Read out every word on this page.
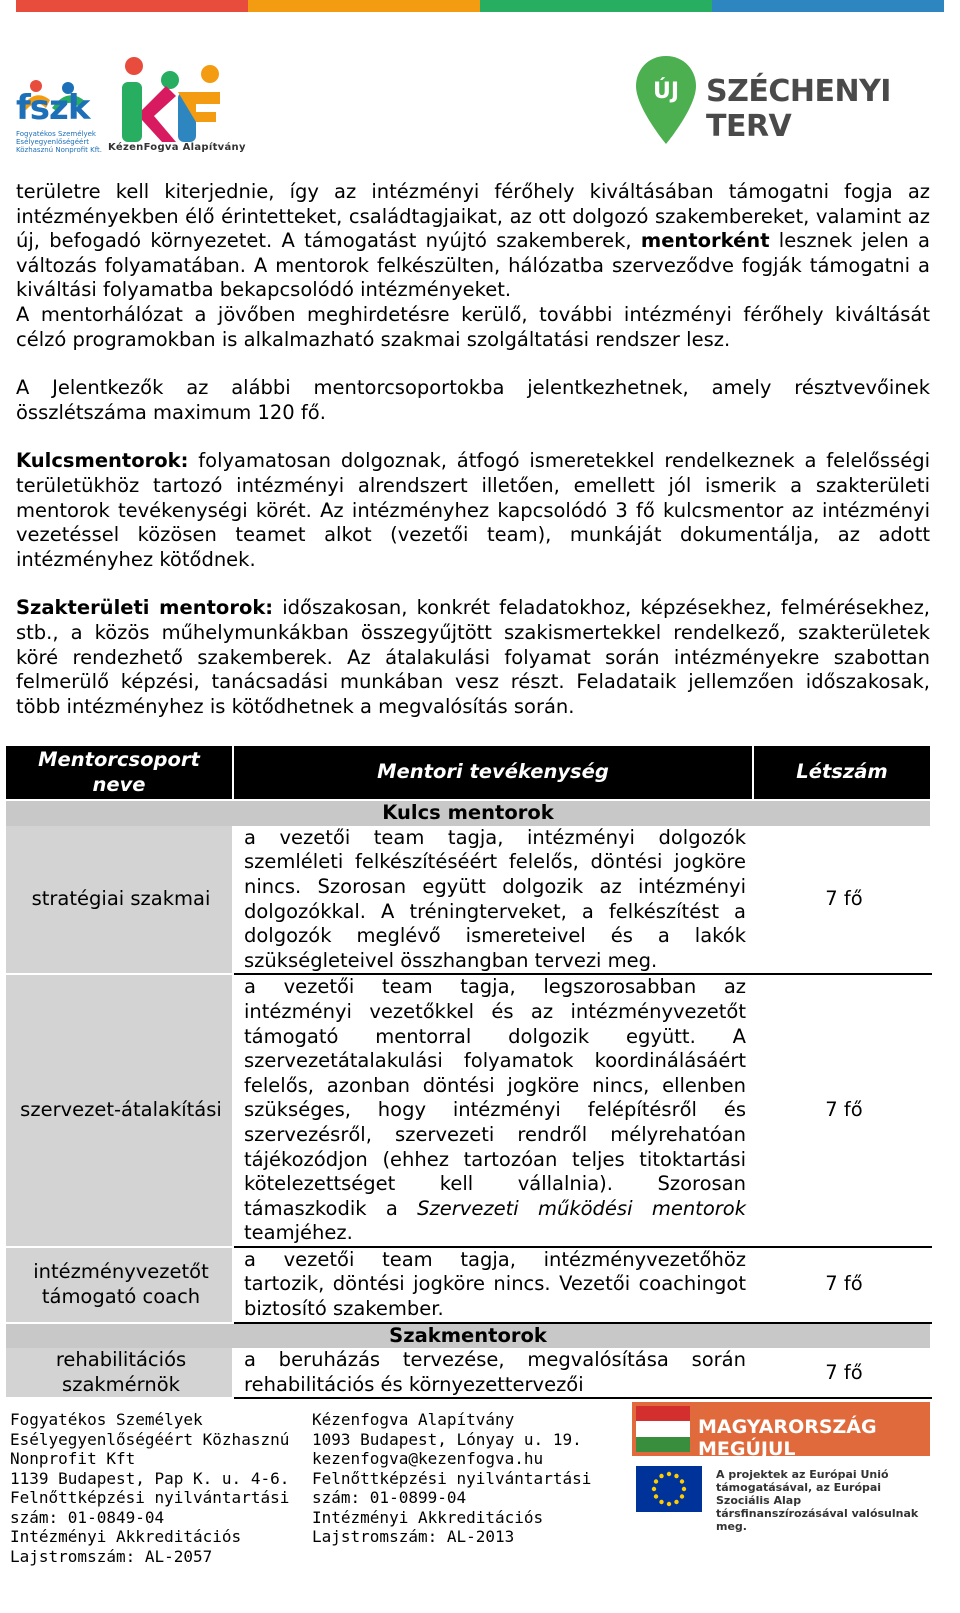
fszk
Fogyatékos Személyek Esélyegyenlőségéért Közhasznú Nonprofit Kft. KézenFogva Alapítvány
ÚJ SZÉCHENYI TERV

területre kell kiterjednie, így az intézményi férőhely kiváltásában támogatni fogja az intézményekben élő érintetteket, családtagjaikat, az ott dolgozó szakembereket, valamint az új, befogadó környezetet. A támogatást nyújtó szakemberek, mentorként lesznek jelen a változás folyamatában. A mentorok felkészülten, hálózatba szerveződve fogják támogatni a kiváltási folyamatba bekapcsolódó intézményeket.

A mentorhálózat a jövőben meghirdetésre kerülő, további intézményi férőhely kiváltását célzó programokban is alkalmazható szakmai szolgáltatási rendszer lesz.

A Jelentkezők az alábbi mentorcsoportokba jelentkezhetnek, amely résztvevőinek összlétszáma maximum 120 fő.

Kulcsmentorok: folyamatosan dolgoznak, átfogó ismeretekkel rendelkeznek a felelősségi területükhöz tartozó intézményi alrendszert illetően, emellett jól ismerik a szakterületi mentorok tevékenységi körét. Az intézményhez kapcsolódó 3 fő kulcsmentor az intézményi vezetéssel közösen teamet alkot (vezetői team), munkáját dokumentálja, az adott intézményhez kötődnek.

Szakterületi mentorok: időszakosan, konkrét feladatokhoz, képzésekhez, felmérésekhez, stb., a közös műhelymunkákban összegyűjtött szakismertekkel rendelkező, szakterületek köré rendezhető szakemberek. Az átalakulási folyamat során intézményekre szabottan felmerülő képzési, tanácsadási munkában vesz részt. Feladataik jellemzően időszakosak, több intézményhez is kötődhetnek a megvalósítás során.

Mentorcsoport neve	Mentori tevékenység	Létszám
Kulcs mentorok		
stratégiai szakmai	a vezetői team tagja, intézményi dolgozók szemléleti felkészítéséért felelős, döntési jogköre nincs. Szorosan együtt dolgozik az intézményi dolgozókkal. A tréningterveket, a felkészítést a dolgozók meglévő ismereteivel és a lakók szükségleteivel összhangban tervezi meg.	7 fő
szervezet-átalakítási	a vezetői team tagja, legszorosabban az intézményi vezetőkkel és az intézményvezetőt támogató mentorral dolgozik együtt. A szervezetátalakulási folyamatok koordinálásáért felelős, azonban döntési jogköre nincs, ellenben szükséges, hogy intézményi felépítésről és szervezésről, szervezeti rendről mélyrehatóan tájékozódjon (ehhez tartozóan teljes titoktartási kötelezettséget kell vállalnia). Szorosan támaszkodik a Szervezeti működési mentorok teamjéhez.	7 fő
intézményvezetőt támogató coach	a vezetői team tagja, intézményvezetőhöz tartozik, döntési jogköre nincs. Vezetői coachingot biztosító szakember.	7 fő
Szakmentorok		
rehabilitációs szakmérnök	a beruházás tervezése, megvalósítása során rehabilitációs és környezettervezői	7 fő
Fogyatékos Személyek
Esélyegyenlőségéért Közhasznú
Nonprofit Kft
1139 Budapest, Pap K. u. 4-6.
Felnőttképzési nyilvántartási
szám: 01-0849-04
Intézményi Akkreditációs
Lajstromszám: AL-2057
Kézenfogva Alapítvány
1093 Budapest, Lónyay u. 19.
kezenfogva@kezenfogva.hu
Felnőttképzési nyilvántartási
szám: 01-0899-04
Intézményi Akkreditációs
Lajstromszám: AL-2013
MAGYARORSZÁG MEGÚJUL
A projektek az Európai Unió támogatásával, az Európai Szociális Alap társfinanszírozásával valósulnak meg.
